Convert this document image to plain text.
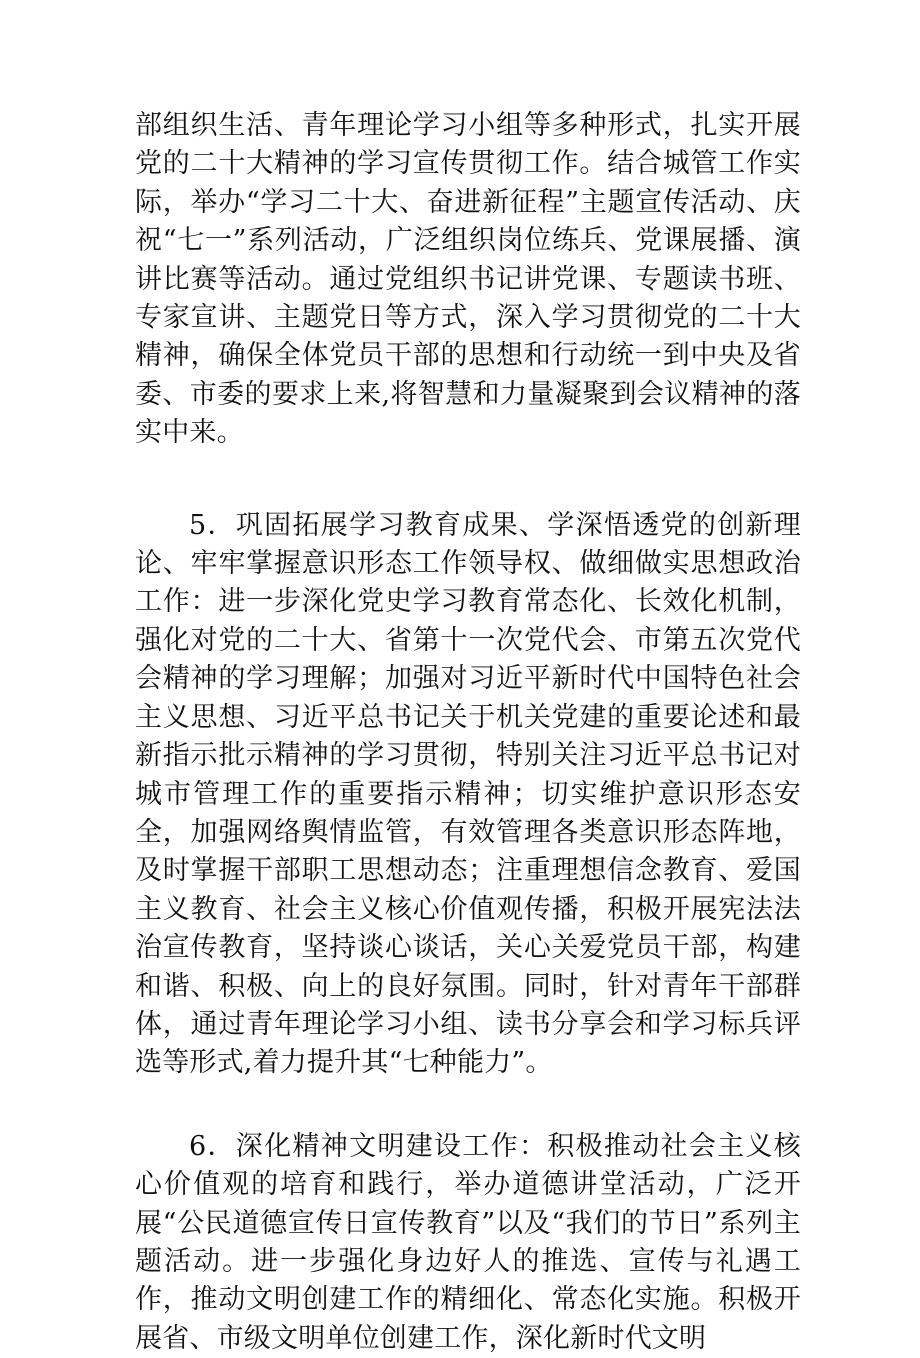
部组织生活、青年理论学习小组等多种形式，扎实开展党的二十大精神的学习宣传贯彻工作。结合城管工作实际，举办“学习二十大、奋进新征程”主题宣传活动、庆祝“七一”系列活动，广泛组织岗位练兵、党课展播、演讲比赛等活动。通过党组织书记讲党课、专题读书班、专家宣讲、主题党日等方式，深入学习贯彻党的二十大精神，确保全体党员干部的思想和行动统一到中央及省委、市委的要求上来,将智慧和力量凝聚到会议精神的落实中来。

5．巩固拓展学习教育成果、学深悟透党的创新理论、牢牢掌握意识形态工作领导权、做细做实思想政治工作：进一步深化党史学习教育常态化、长效化机制，强化对党的二十大、省第十一次党代会、市第五次党代会精神的学习理解；加强对习近平新时代中国特色社会主义思想、习近平总书记关于机关党建的重要论述和最新指示批示精神的学习贯彻，特别关注习近平总书记对城市管理工作的重要指示精神；切实维护意识形态安全，加强网络舆情监管，有效管理各类意识形态阵地，及时掌握干部职工思想动态；注重理想信念教育、爱国主义教育、社会主义核心价值观传播，积极开展宪法法治宣传教育，坚持谈心谈话，关心关爱党员干部，构建和谐、积极、向上的良好氛围。同时，针对青年干部群体，通过青年理论学习小组、读书分享会和学习标兵评选等形式,着力提升其“七种能力”。

6．深化精神文明建设工作：积极推动社会主义核心价值观的培育和践行，举办道德讲堂活动，广泛开展“公民道德宣传日宣传教育”以及“我们的节日”系列主题活动。进一步强化身边好人的推选、宣传与礼遇工作，推动文明创建工作的精细化、常态化实施。积极开展省、市级文明单位创建工作，深化新时代文明
